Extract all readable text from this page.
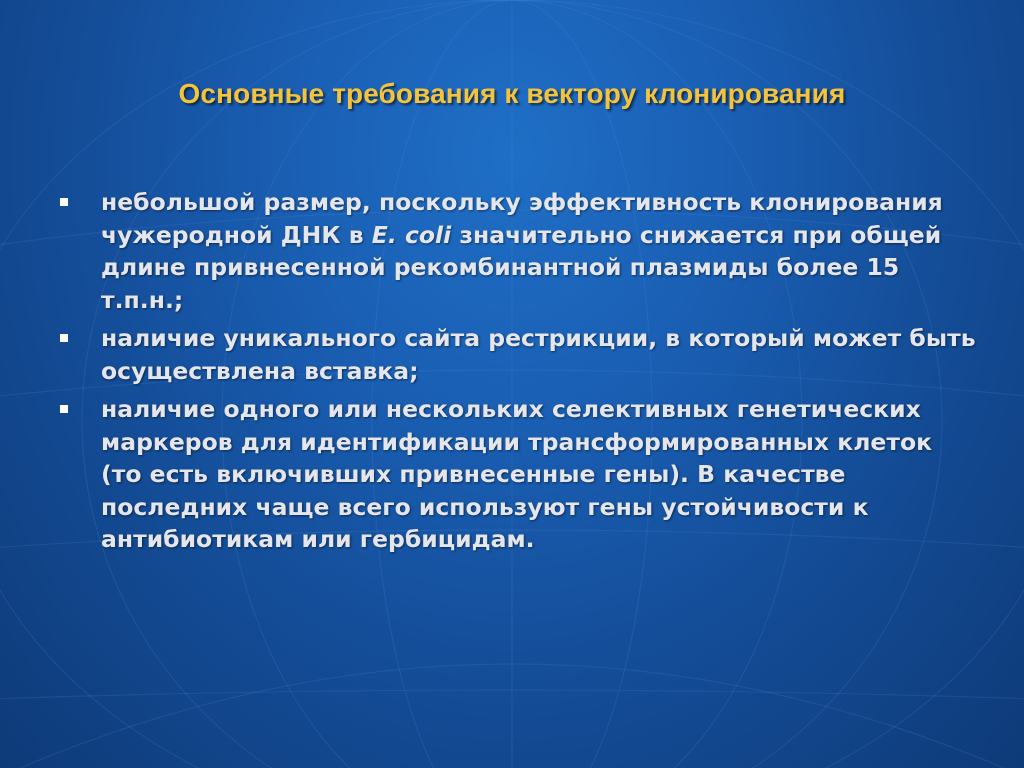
Основные требования к вектору клонирования
небольшой размер, поскольку эффективность клонирования чужеродной ДНК в E. coli значительно снижается при общей длине привнесенной рекомбинантной плазмиды более 15 т.п.н.;
наличие уникального сайта рестрикции, в который может быть осуществлена вставка;
наличие одного или нескольких селективных генетических маркеров для идентификации трансформированных клеток (то есть включивших привнесенные гены). В качестве последних чаще всего используют гены устойчивости к антибиотикам или гербицидам.
